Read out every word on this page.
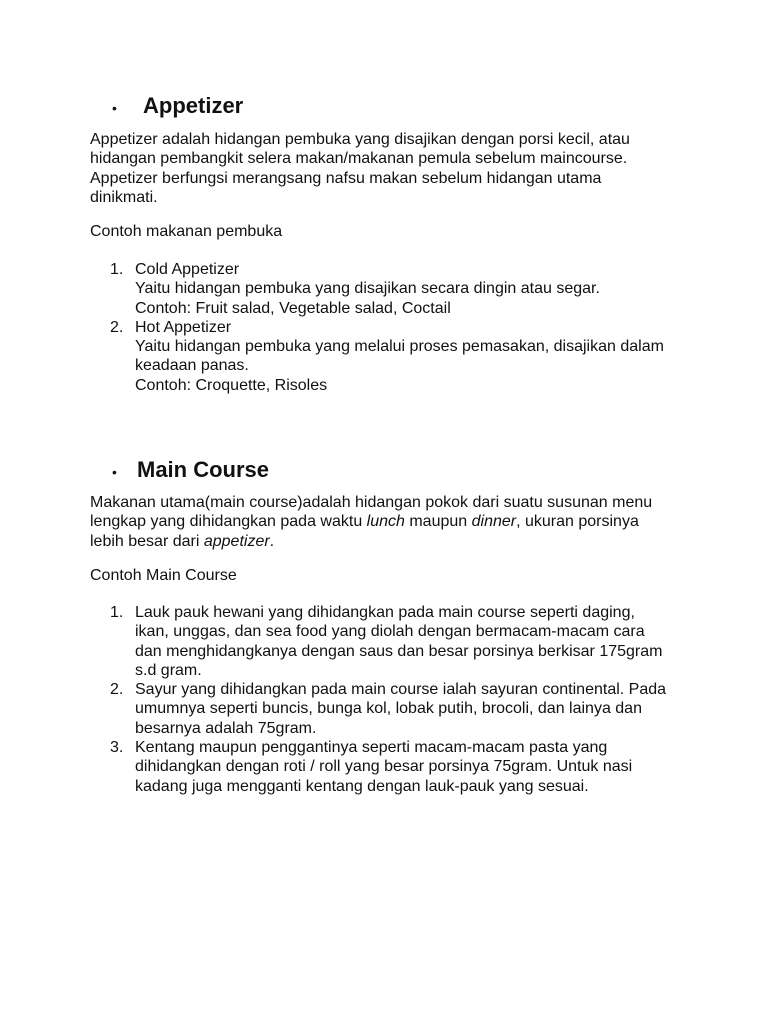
• Appetizer

Appetizer adalah hidangan pembuka yang disajikan dengan porsi kecil, atau
hidangan pembangkit selera makan/makanan pemula sebelum maincourse.
Appetizer berfungsi merangsang nafsu makan sebelum hidangan utama
dinikmati.

Contoh makanan pembuka

1. Cold Appetizer
Yaitu hidangan pembuka yang disajikan secara dingin atau segar.
Contoh: Fruit salad, Vegetable salad, Coctail
2. Hot Appetizer
Yaitu hidangan pembuka yang melalui proses pemasakan, disajikan dalam
keadaan panas.
Contoh: Croquette, Risoles
• Main Course

Makanan utama(main course)adalah hidangan pokok dari suatu susunan menu
lengkap yang dihidangkan pada waktu lunch maupun dinner, ukuran porsinya
lebih besar dari appetizer.

Contoh Main Course

1. Lauk pauk hewani yang dihidangkan pada main course seperti daging,
ikan, unggas, dan sea food yang diolah dengan bermacam-macam cara
dan menghidangkanya dengan saus dan besar porsinya berkisar 175gram
s.d gram.
2. Sayur yang dihidangkan pada main course ialah sayuran continental. Pada
umumnya seperti buncis, bunga kol, lobak putih, brocoli, dan lainya dan
besarnya adalah 75gram.
3. Kentang maupun penggantinya seperti macam-macam pasta yang
dihidangkan dengan roti / roll yang besar porsinya 75gram. Untuk nasi
kadang juga mengganti kentang dengan lauk-pauk yang sesuai.
